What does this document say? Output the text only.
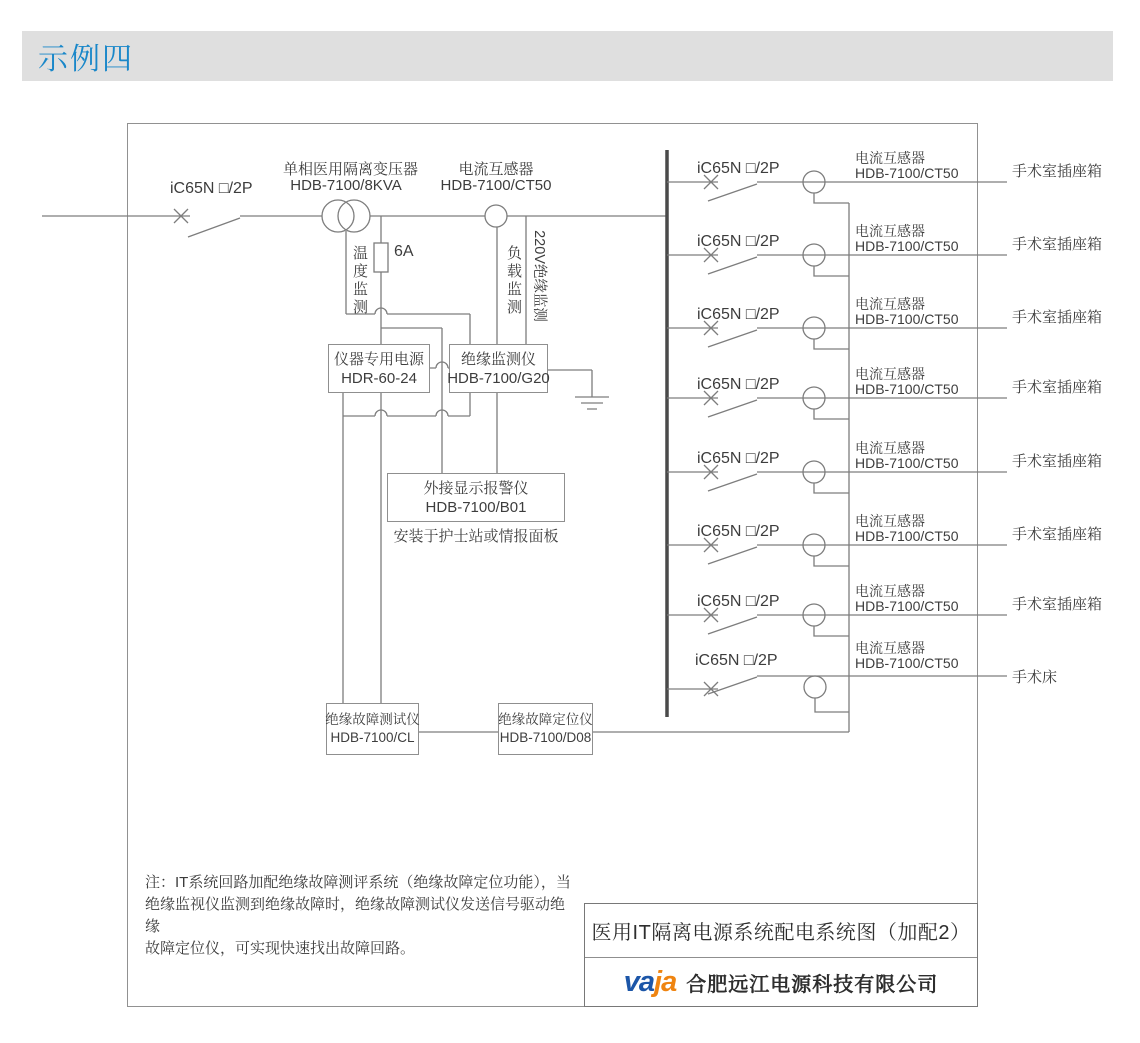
示例四
iC65N □/2P
单相医用隔离变压器
HDB-7100/8KVA
电流互感器
HDB-7100/CT50
6A
温度监测	负载监测 220V绝缘监测
仪器专用电源
HDR-60-24
绝缘监测仪
HDB-7100/G20
外接显示报警仪
HDB-7100/B01
安装于护士站或情报面板
绝缘故障测试仪
HDB-7100/CL
绝缘故障定位仪
HDB-7100/D08
iC65N □/2P
电流互感器
HDB-7100/CT50	手术室插座箱
iC65N □/2P
电流互感器
HDB-7100/CT50	手术室插座箱
iC65N □/2P
电流互感器
HDB-7100/CT50	手术室插座箱
iC65N □/2P
电流互感器
HDB-7100/CT50	手术室插座箱
iC65N □/2P
电流互感器
HDB-7100/CT50	手术室插座箱
iC65N □/2P
电流互感器
HDB-7100/CT50	手术室插座箱
iC65N □/2P
电流互感器
HDB-7100/CT50	手术室插座箱
iC65N □/2P
电流互感器
HDB-7100/CT50
手术床
注：IT系统回路加配绝缘故障测评系统（绝缘故障定位功能），当
绝缘监视仪监测到绝缘故障时，绝缘故障测试仪发送信号驱动绝缘
故障定位仪，可实现快速找出故障回路。
医用IT隔离电源系统配电系统图（加配2）
vaja 合肥远江电源科技有限公司
